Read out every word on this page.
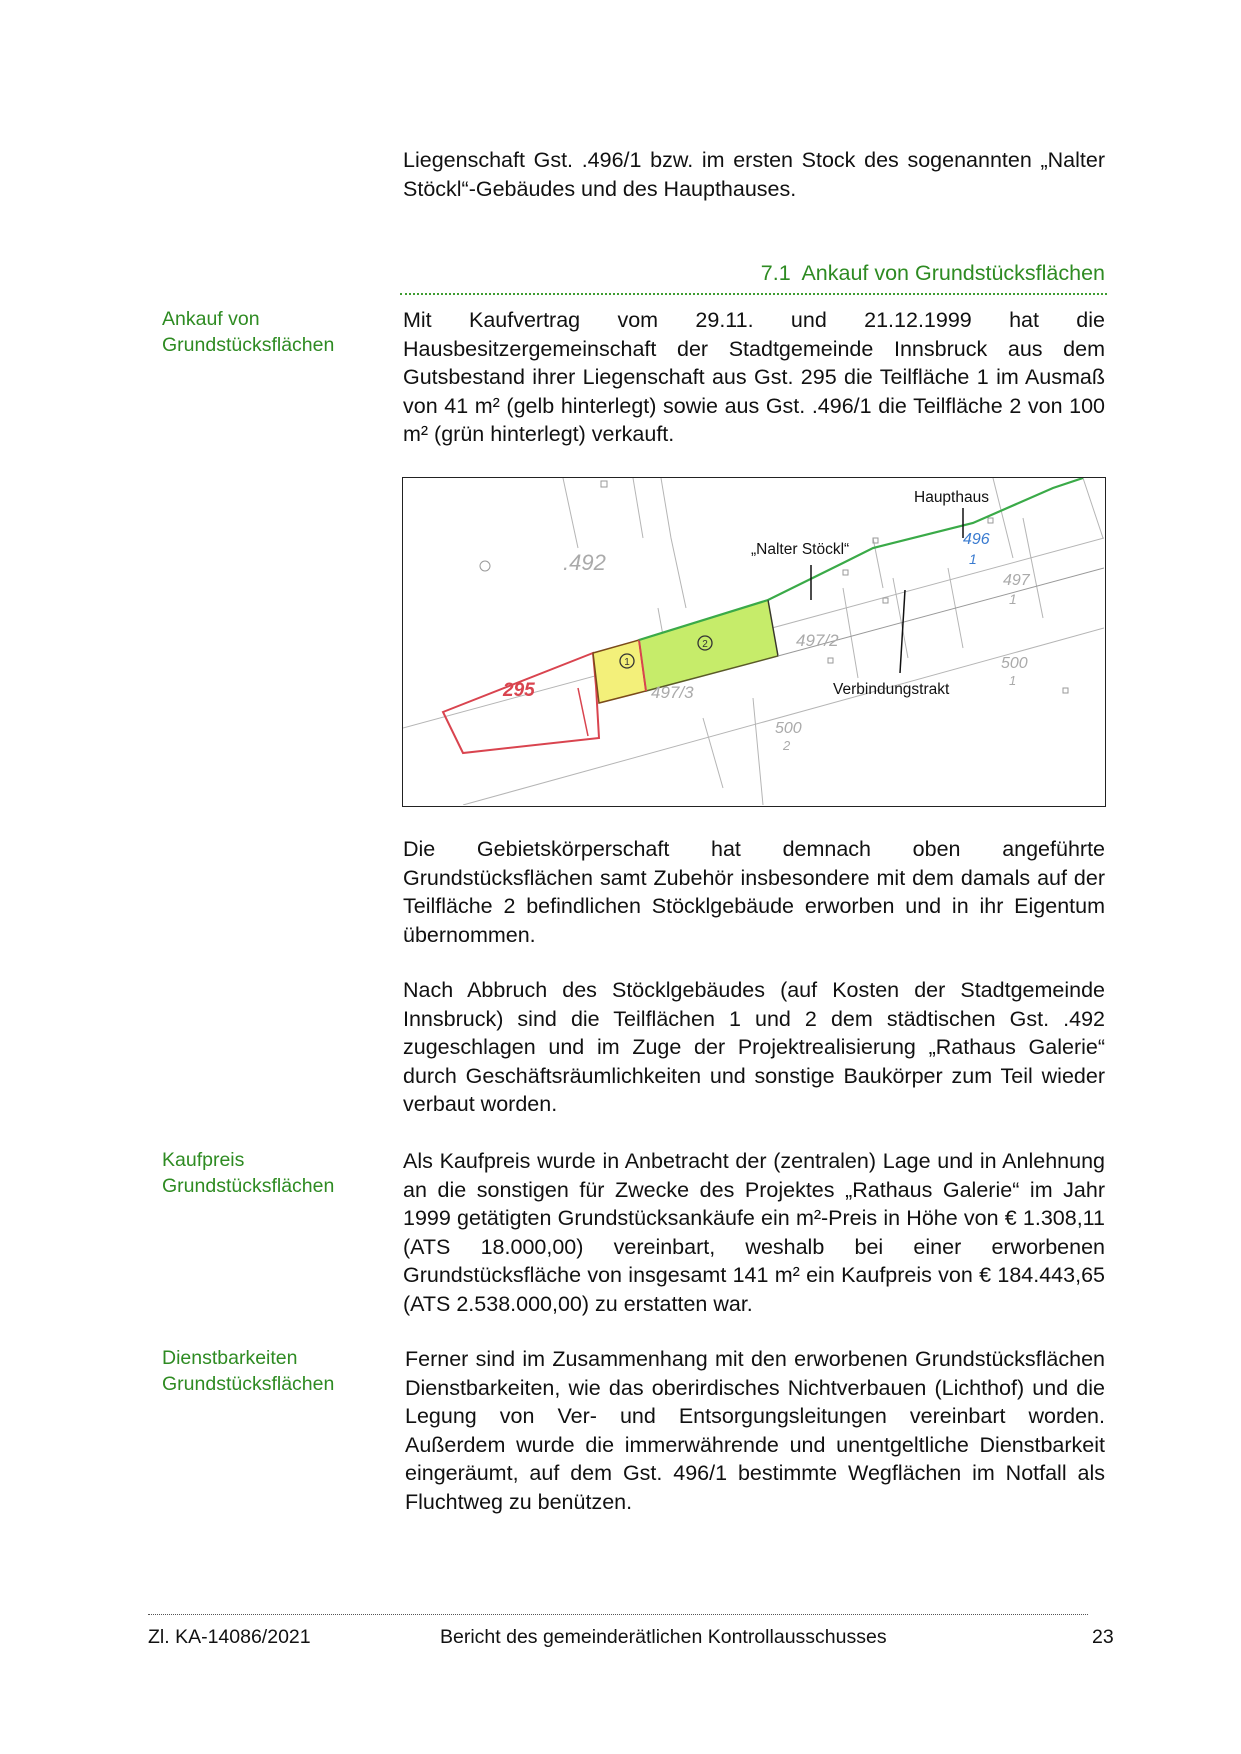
Liegenschaft Gst. .496/1 bzw. im ersten Stock des sogenannten „Nalter Stöckl“-Gebäudes und des Haupthauses.

7.1 Ankauf von Grundstücksflächen
Ankauf von
Grundstücksflächen

Mit Kaufvertrag vom 29.11. und 21.12.1999 hat die Hausbesitzergemeinschaft der Stadtgemeinde Innsbruck aus dem Gutsbestand ihrer Liegenschaft aus Gst. 295 die Teilfläche 1 im Ausmaß von 41 m² (gelb hinterlegt) sowie aus Gst. .496/1 die Teilfläche 2 von 100 m² (grün hinterlegt) verkauft.

1
2
.492
295
496
1
497
1
497/2
497/3
500
1
500
2
Haupthaus
„Nalter Stöckl“
Verbindungstrakt

Die Gebietskörperschaft hat demnach oben angeführte Grundstücksflächen samt Zubehör insbesondere mit dem damals auf der Teilfläche 2 befindlichen Stöcklgebäude erworben und in ihr Eigentum übernommen.

Nach Abbruch des Stöcklgebäudes (auf Kosten der Stadtgemeinde Innsbruck) sind die Teilflächen 1 und 2 dem städtischen Gst. .492 zugeschlagen und im Zuge der Projektrealisierung „Rathaus Galerie“ durch Geschäftsräumlichkeiten und sonstige Baukörper zum Teil wieder verbaut worden.

Kaufpreis
Grundstücksflächen

Als Kaufpreis wurde in Anbetracht der (zentralen) Lage und in Anlehnung an die sonstigen für Zwecke des Projektes „Rathaus Galerie“ im Jahr 1999 getätigten Grundstücksankäufe ein m²-Preis in Höhe von € 1.308,11 (ATS 18.000,00) vereinbart, weshalb bei einer erworbenen Grundstücksfläche von insgesamt 141 m² ein Kaufpreis von € 184.443,65 (ATS 2.538.000,00) zu erstatten war.

Dienstbarkeiten
Grundstücksflächen

Ferner sind im Zusammenhang mit den erworbenen Grundstücksflächen Dienstbarkeiten, wie das oberirdisches Nichtverbauen (Lichthof) und die Legung von Ver- und Entsorgungsleitungen vereinbart worden. Außerdem wurde die immerwährende und unentgeltliche Dienstbarkeit eingeräumt, auf dem Gst. 496/1 bestimmte Wegflächen im Notfall als Fluchtweg zu benützen.

Zl. KA-14086/2021	Bericht des gemeinderätlichen Kontrollausschusses	23
